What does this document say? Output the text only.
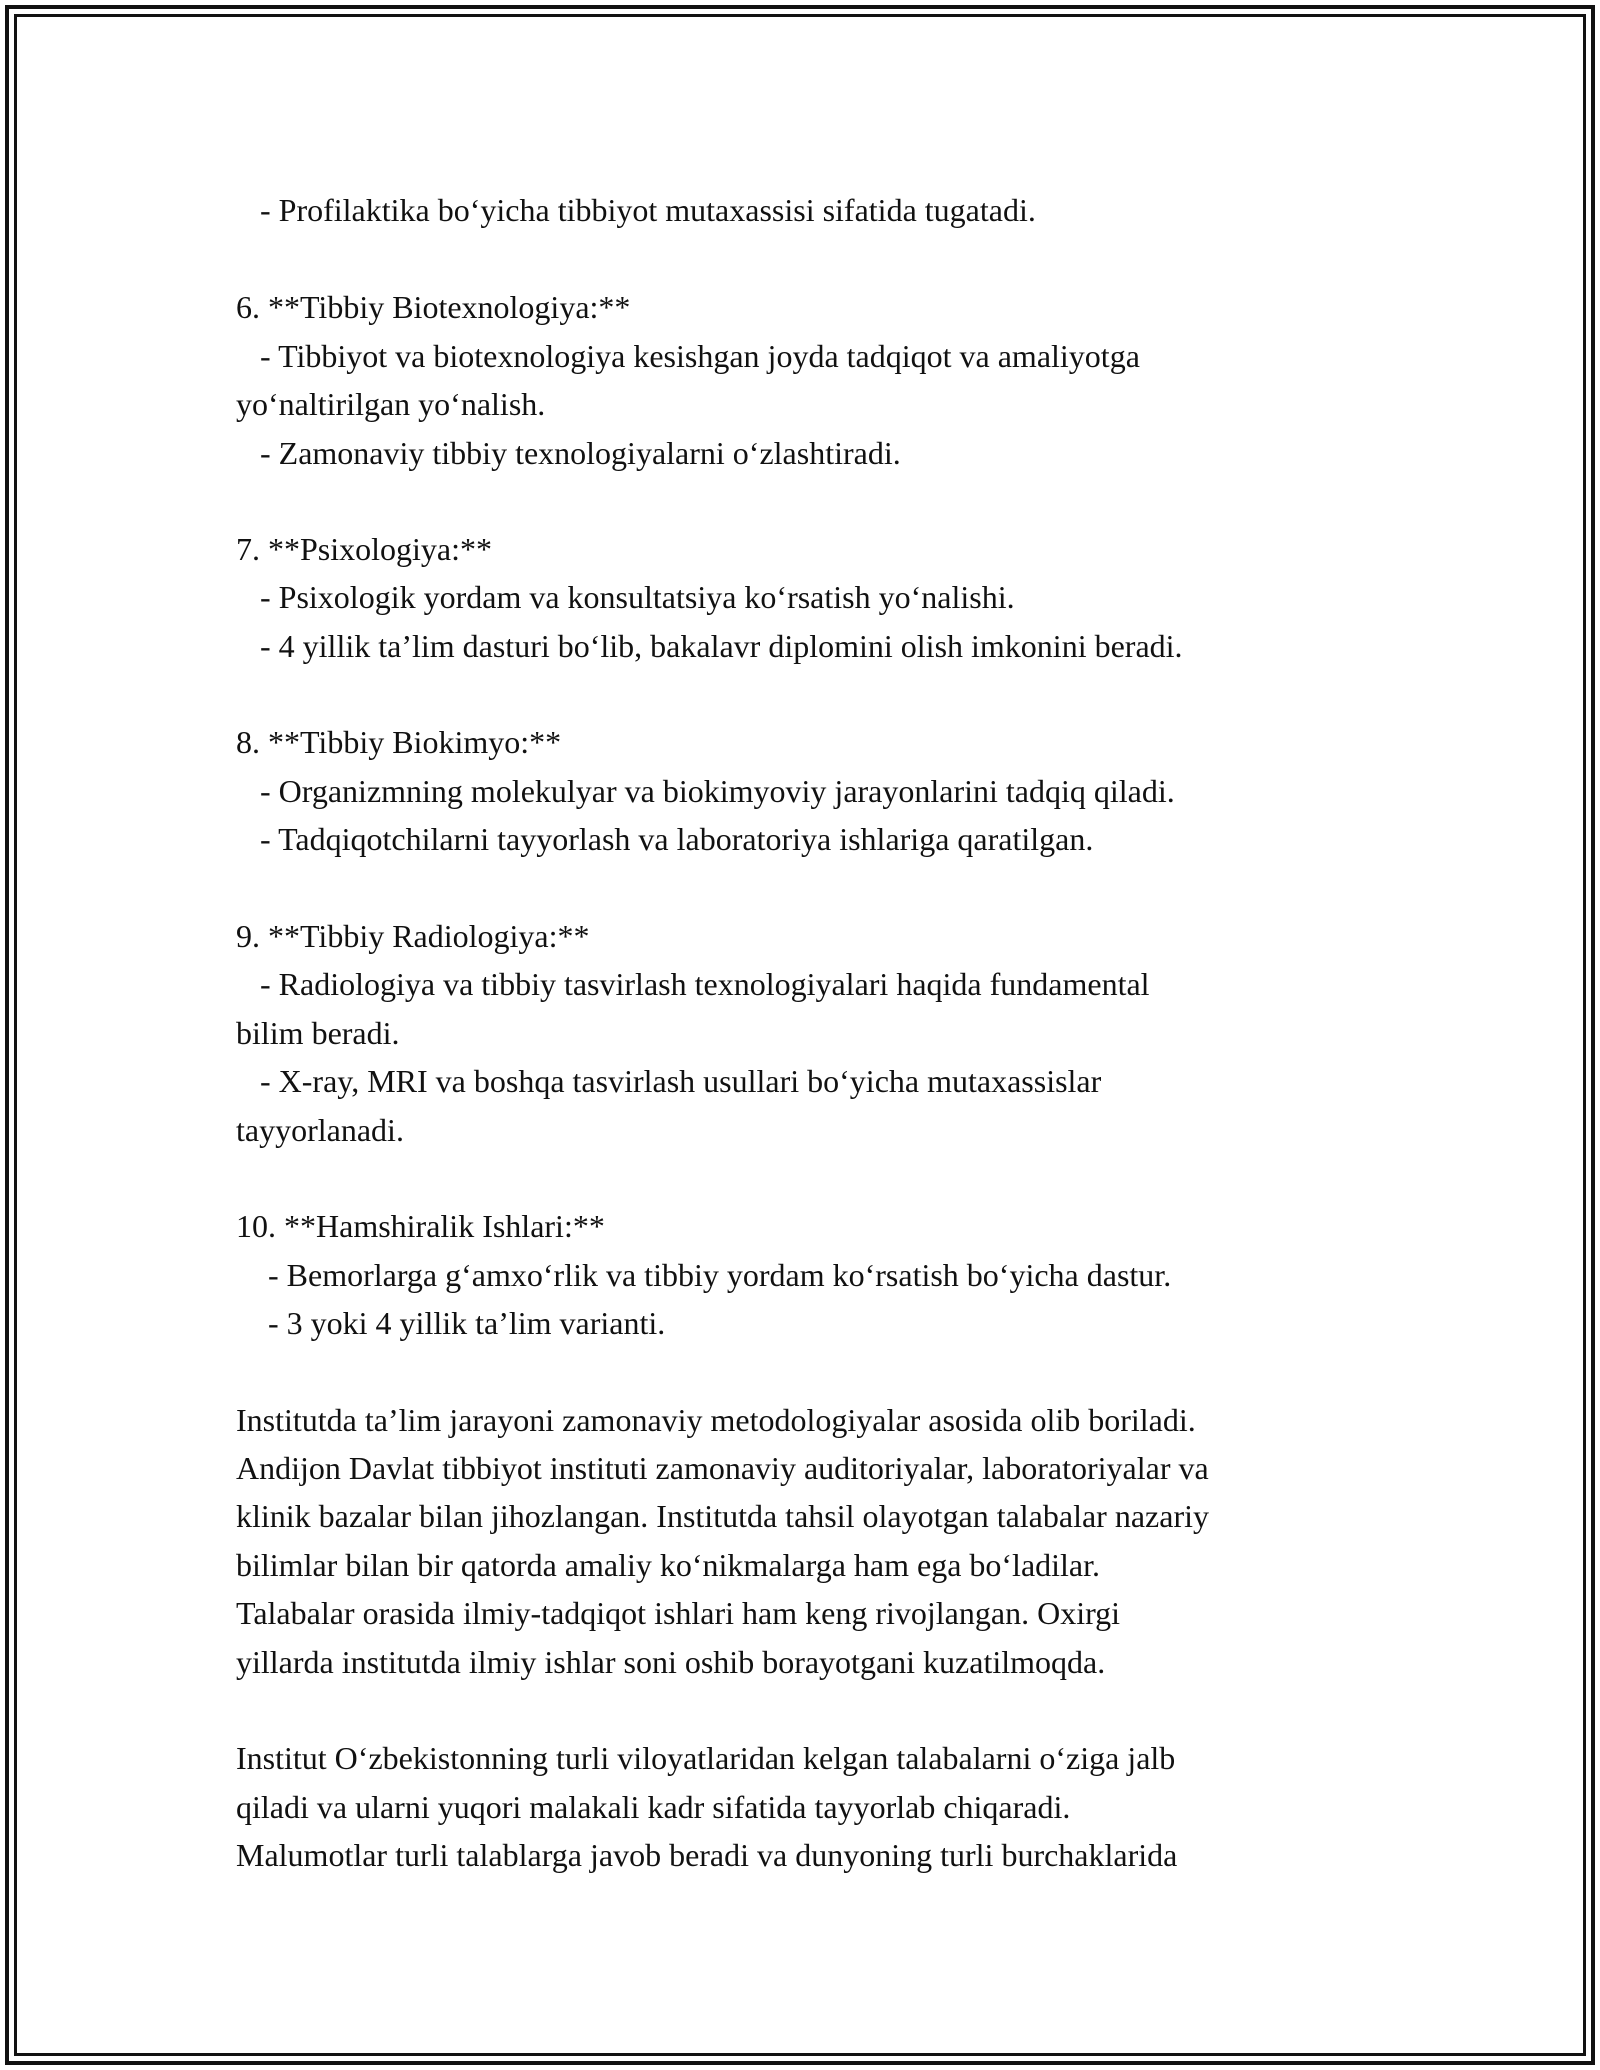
- Profilaktika bo‘yicha tibbiyot mutaxassisi sifatida tugatadi.
6. **Tibbiy Biotexnologiya:**
- Tibbiyot va biotexnologiya kesishgan joyda tadqiqot va amaliyotga
yo‘naltirilgan yo‘nalish.
- Zamonaviy tibbiy texnologiyalarni o‘zlashtiradi.
7. **Psixologiya:**
- Psixologik yordam va konsultatsiya ko‘rsatish yo‘nalishi.
- 4 yillik ta’lim dasturi bo‘lib, bakalavr diplomini olish imkonini beradi.
8. **Tibbiy Biokimyo:**
- Organizmning molekulyar va biokimyoviy jarayonlarini tadqiq qiladi.
- Tadqiqotchilarni tayyorlash va laboratoriya ishlariga qaratilgan.
9. **Tibbiy Radiologiya:**
- Radiologiya va tibbiy tasvirlash texnologiyalari haqida fundamental
bilim beradi.
- X-ray, MRI va boshqa tasvirlash usullari bo‘yicha mutaxassislar
tayyorlanadi.
10. **Hamshiralik Ishlari:**
- Bemorlarga g‘amxo‘rlik va tibbiy yordam ko‘rsatish bo‘yicha dastur.
- 3 yoki 4 yillik ta’lim varianti.
Institutda ta’lim jarayoni zamonaviy metodologiyalar asosida olib boriladi.
Andijon Davlat tibbiyot instituti zamonaviy auditoriyalar, laboratoriyalar va
klinik bazalar bilan jihozlangan. Institutda tahsil olayotgan talabalar nazariy
bilimlar bilan bir qatorda amaliy ko‘nikmalarga ham ega bo‘ladilar.
Talabalar orasida ilmiy-tadqiqot ishlari ham keng rivojlangan. Oxirgi
yillarda institutda ilmiy ishlar soni oshib borayotgani kuzatilmoqda.
Institut O‘zbekistonning turli viloyatlaridan kelgan talabalarni o‘ziga jalb
qiladi va ularni yuqori malakali kadr sifatida tayyorlab chiqaradi.
Malumotlar turli talablarga javob beradi va dunyoning turli burchaklarida
